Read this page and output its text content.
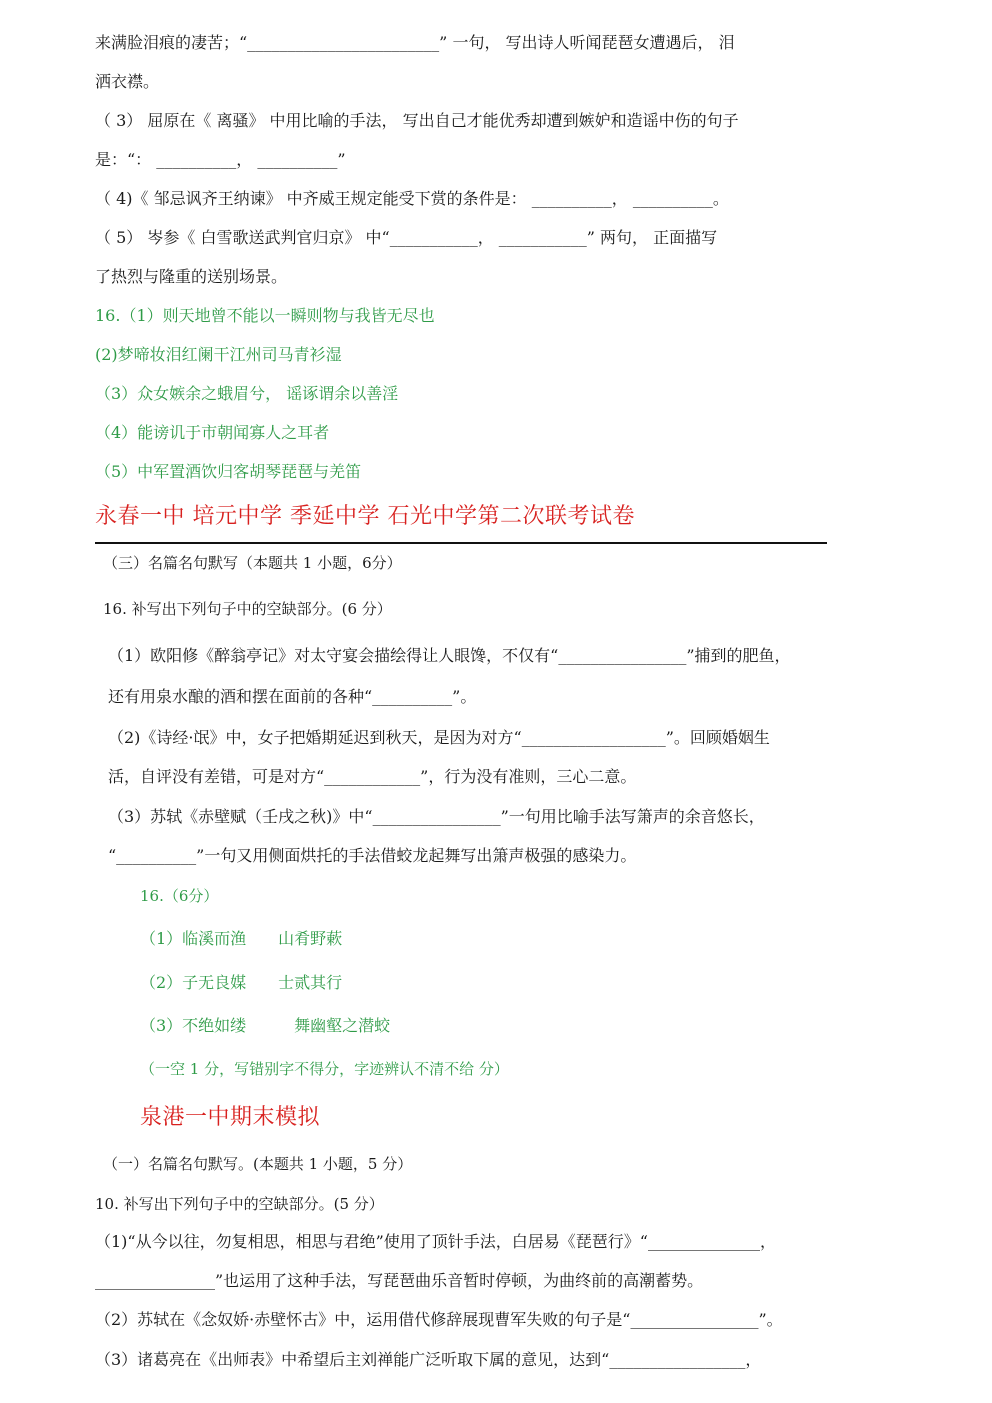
来满脸泪痕的凄苦；“________________________” 一句， 写出诗人听闻琵琶女遭遇后， 泪
洒衣襟。
（ 3） 屈原在《 离骚》 中用比喻的手法， 写出自己才能优秀却遭到嫉妒和造谣中伤的句子
是：“： __________， __________”
（ 4)《 邹忌讽齐王纳谏》 中齐威王规定能受下赏的条件是： __________， __________。
（ 5） 岑参《 白雪歌送武判官归京》 中“___________， ___________” 两句， 正面描写
了热烈与隆重的送别场景。
16.（1）则天地曾不能以一瞬则物与我皆无尽也
(2)梦啼妆泪红阑干江州司马青衫湿
（3）众女嫉余之蛾眉兮， 谣诼谓余以善淫
（4）能谤讥于市朝闻寡人之耳者
（5）中军置酒饮归客胡琴琵琶与羌笛
永春一中 培元中学 季延中学 石光中学第二次联考试卷
（三）名篇名句默写（本题共 1 小题，6分）
16. 补写出下列句子中的空缺部分。(6 分）
（1）欧阳修《醉翁亭记》对太守宴会描绘得让人眼馋，不仅有“________________”捕到的肥鱼，
还有用泉水酿的酒和摆在面前的各种“__________”。
（2)《诗经·氓》中，女子把婚期延迟到秋天，是因为对方“__________________”。回顾婚姻生
活，自评没有差错，可是对方“____________”，行为没有准则，三心二意。
（3）苏轼《赤壁赋（壬戌之秋)》中“________________”一句用比喻手法写箫声的余音悠长，
“__________”一句又用侧面烘托的手法借蛟龙起舞写出箫声极强的感染力。
16.（6分）
（1）临溪而渔　　山肴野蔌
（2）子无良媒　　士贰其行
（3）不绝如缕　　　舞幽壑之潜蛟
（一空 1 分，写错别字不得分，字迹辨认不清不给 分）
泉港一中期末模拟
（一）名篇名句默写。(本题共 1 小题，5 分）
10. 补写出下列句子中的空缺部分。(5 分）
（1)“从今以往，勿复相思，相思与君绝”使用了顶针手法，白居易《琵琶行》“______________，
_______________”也运用了这种手法，写琵琶曲乐音暂时停顿，为曲终前的高潮蓄势。
（2）苏轼在《念奴娇·赤壁怀古》中，运用借代修辞展现曹军失败的句子是“________________”。
（3）诸葛亮在《出师表》中希望后主刘禅能广泛听取下属的意见，达到“_________________，
